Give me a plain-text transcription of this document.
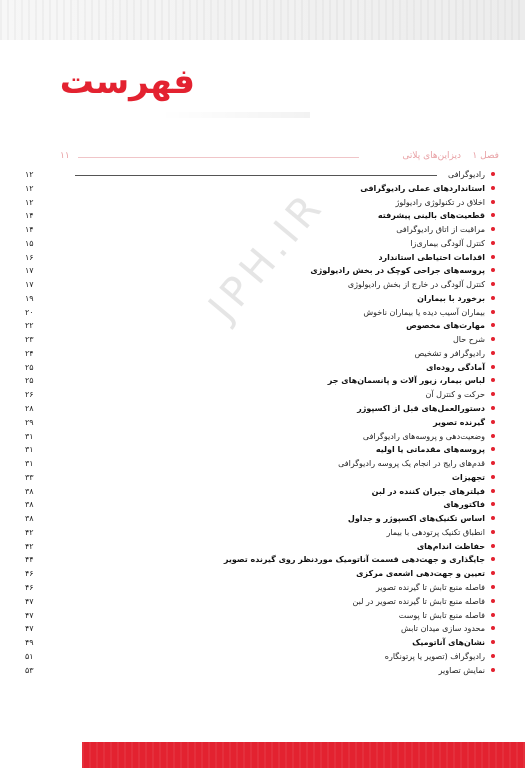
فهرست
فصل ۱
دیزاین‌های پلاتی
۱۱
رادیوگرافی
۱۲
استانداردهای عملی رادیوگرافی
۱۲
اخلاق در تکنولوژی رادیولوژ
۱۲
قطعیت‌های بالینی پیشرفته
۱۴
مراقبت از اتاق رادیوگرافی
۱۴
کنترل آلودگی بیماری‌زا
۱۵
اقدامات احتیاطی استاندارد
۱۶
پروسه‌های جراحی کوچک در بخش رادیولوژی
۱۷
کنترل آلودگی در خارج از بخش رادیولوژی
۱۷
برخورد با بیماران
۱۹
بیماران آسیب دیده یا بیماران ناخوش
۲۰
مهارت‌های مخصوص
۲۲
شرح حال
۲۳
رادیوگرافر و تشخیص
۲۴
آمادگی روده‌ای
۲۵
لباس بیمار، زیور آلات و پانسمان‌های جر
۲۵
حرکت و کنترل آن
۲۶
دستورالعمل‌های قبل از اکسپوژر
۲۸
گیرنده تصویر
۲۹
وضعیت‌دهی و پروسه‌های رادیوگرافی
۳۱
پروسه‌های مقدماتی یا اولیه
۳۱
قدم‌های رایج در انجام یک پروسه رادیوگرافی
۳۱
تجهیزات
۳۳
فیلترهای جبران کننده در لبن
۳۸
فاکتورهای
۳۸
اساس تکنیک‌های اکسپوژر و جداول
۳۸
انطباق تکنیک پرتودهی با بیمار
۴۲
حفاظت اندام‌های
۴۲
جایگذاری و جهت‌دهی قسمت آناتومیک موردنظر روی گیرنده تصویر
۴۴
تعیین و جهت‌دهی اشعه‌ی مرکزی
۴۶
فاصله منبع تابش تا گیرنده تصویر
۴۶
فاصله منبع تابش تا گیرنده تصویر در لبن
۴۷
فاصله منبع تابش تا پوست
۴۷
محدود سازی میدان تابش
۴۷
نشان‌های آناتومیک
۴۹
رادیوگراف (تصویر یا پرتونگاره
۵۱
نمایش تصاویر
۵۳
JPH.IR
